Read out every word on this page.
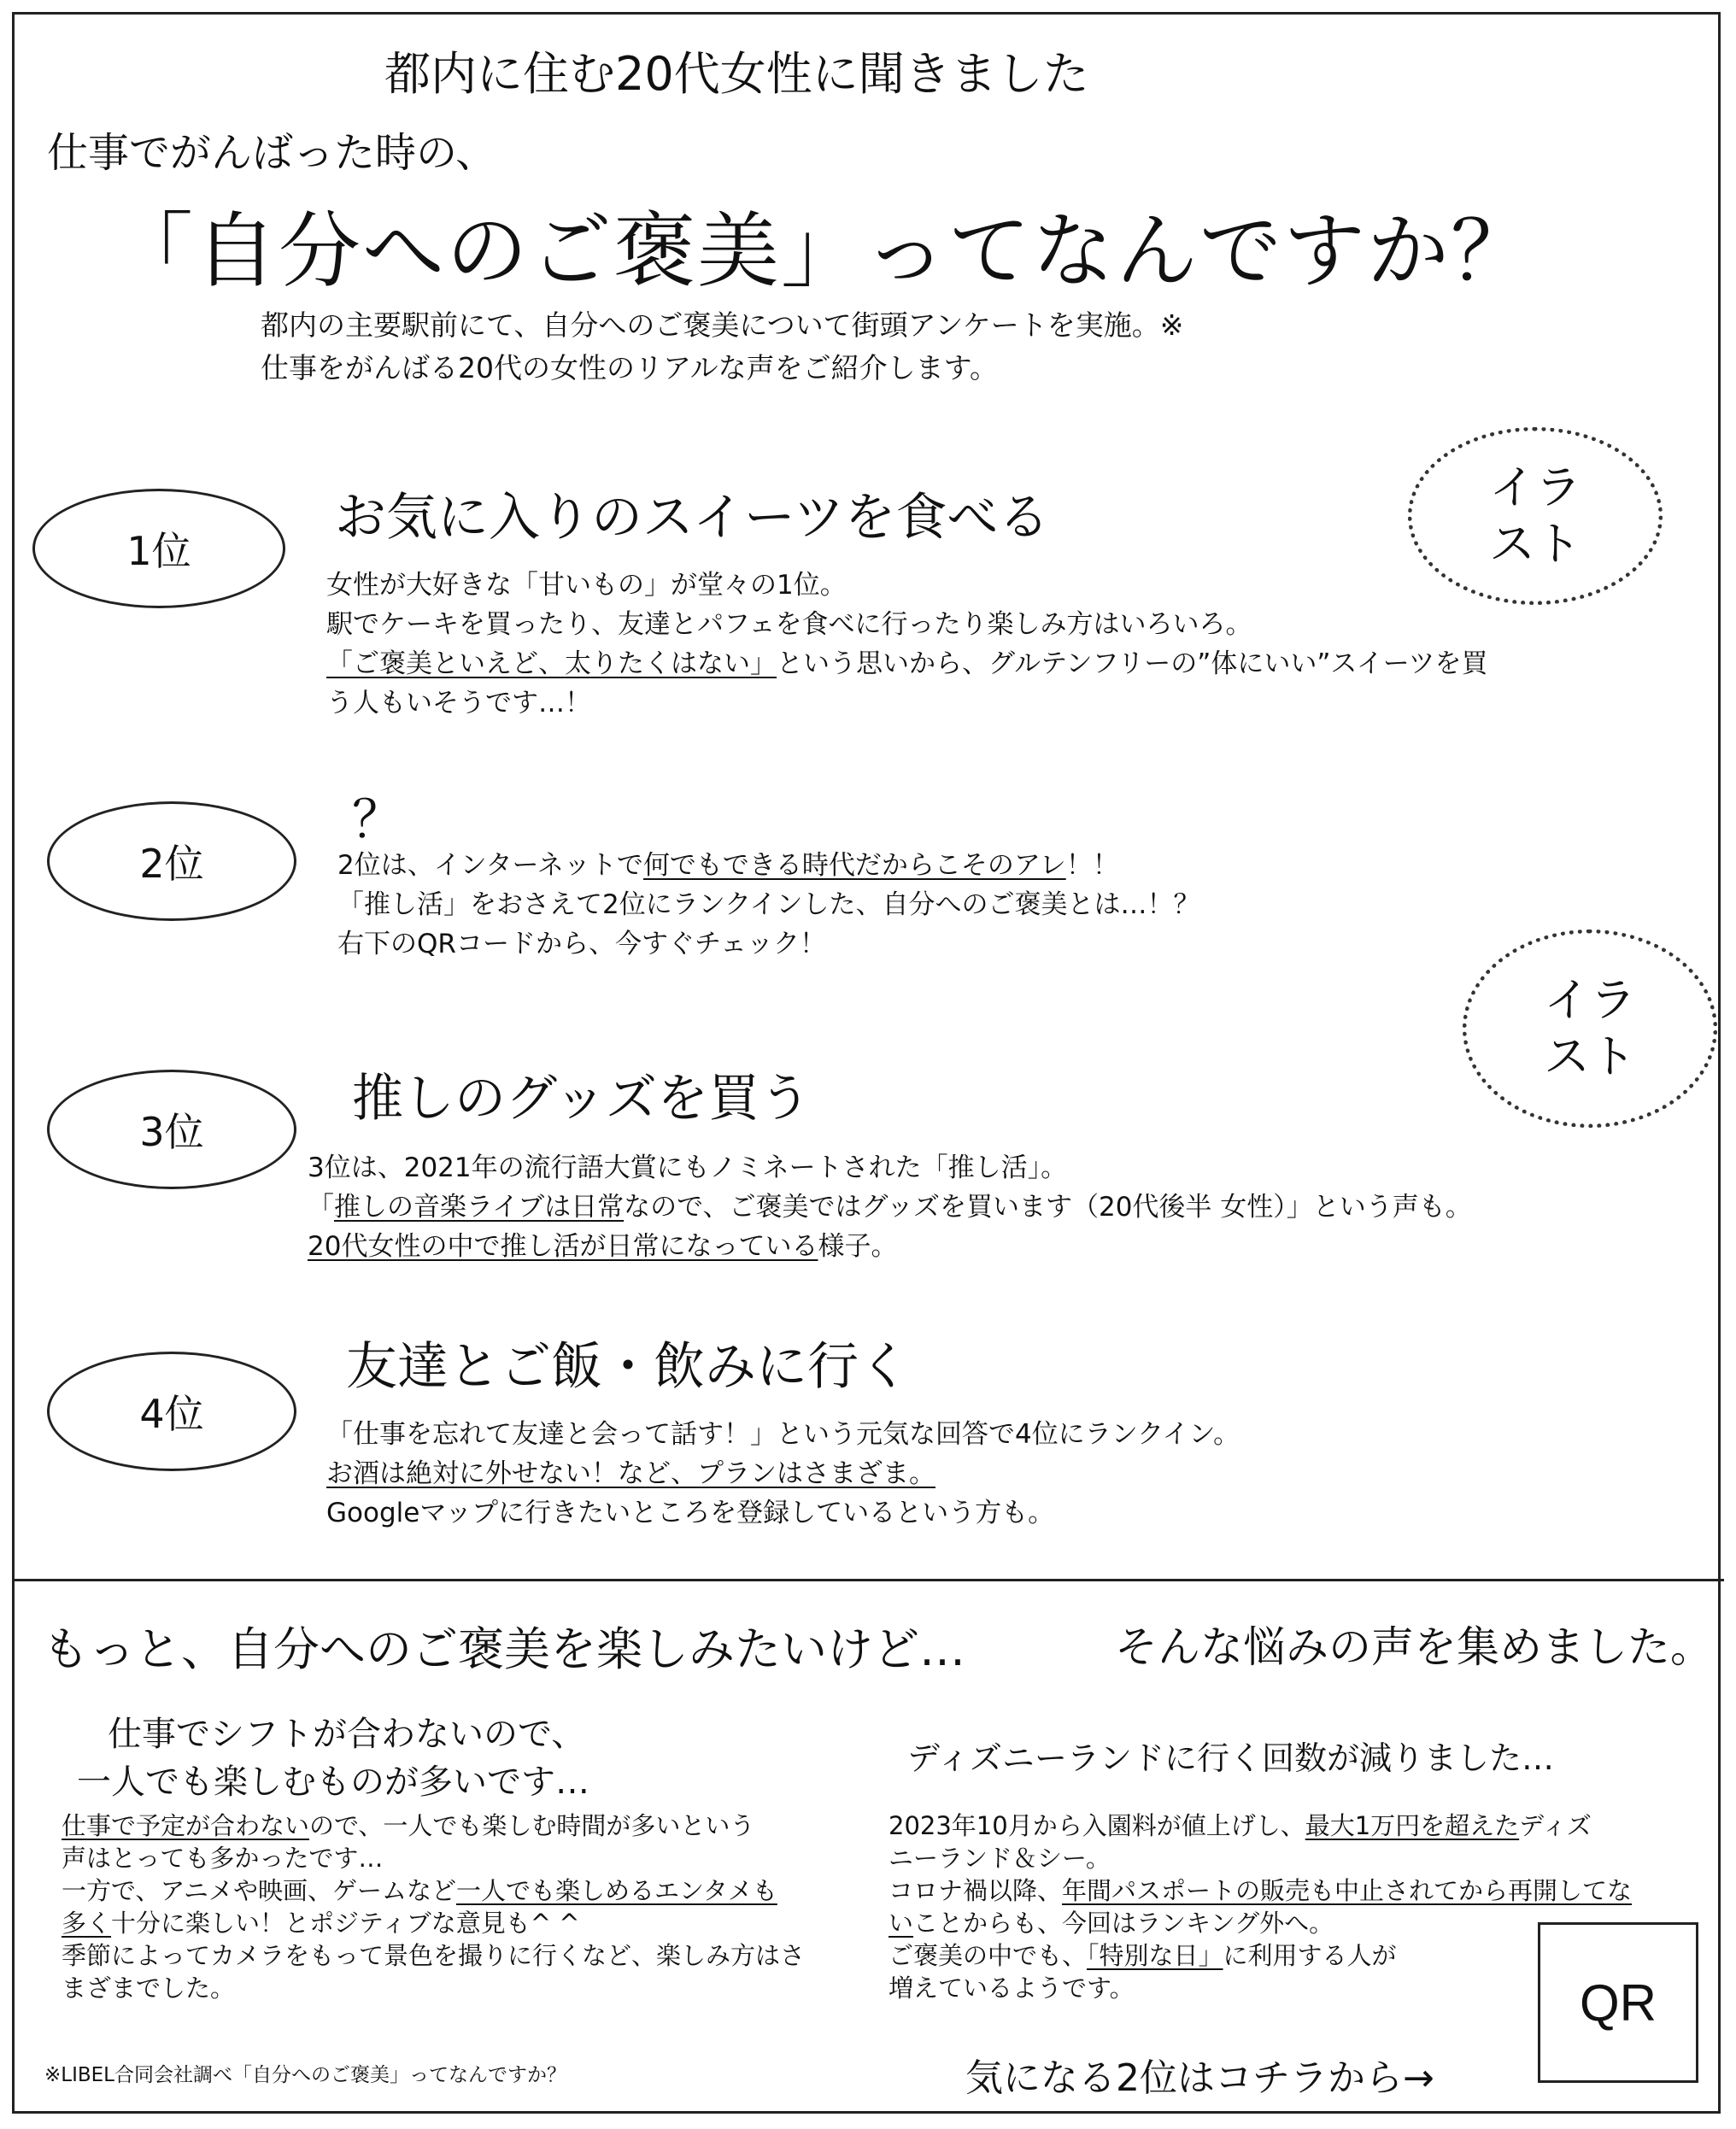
都内に住む20代女性に聞きました
仕事でがんばった時の、
「自分へのご褒美」ってなんですか？
都内の主要駅前にて、自分へのご褒美について街頭アンケートを実施。※
仕事をがんばる20代の女性のリアルな声をご紹介します。
イラ
スト
イラ
スト
1位
お気に入りのスイーツを食べる
女性が大好きな「甘いもの」が堂々の1位。
駅でケーキを買ったり、友達とパフェを食べに行ったり楽しみ方はいろいろ。
「ご褒美といえど、太りたくはない」という思いから、グルテンフリーの”体にいい”スイーツを買
う人もいそうです…！
2位
？
2位は、インターネットで何でもできる時代だからこそのアレ！！
「推し活」をおさえて2位にランクインした、自分へのご褒美とは…！？
右下のQRコードから、今すぐチェック！
3位
推しのグッズを買う
3位は、2021年の流行語大賞にもノミネートされた「推し活」。
「推しの音楽ライブは日常なので、ご褒美ではグッズを買います（20代後半 女性）」という声も。
20代女性の中で推し活が日常になっている様子。
4位
友達とご飯・飲みに行く
「仕事を忘れて友達と会って話す！」という元気な回答で4位にランクイン。
お酒は絶対に外せない！など、プランはさまざま。
Googleマップに行きたいところを登録しているという方も。
もっと、自分へのご褒美を楽しみたいけど…	そんな悩みの声を集めました。
仕事でシフトが合わないので、
一人でも楽しむものが多いです…
仕事で予定が合わないので、一人でも楽しむ時間が多いという
声はとっても多かったです…
一方で、アニメや映画、ゲームなど一人でも楽しめるエンタメも
多く十分に楽しい！とポジティブな意見も^ ^
季節によってカメラをもって景色を撮りに行くなど、楽しみ方はさ
まざまでした。
ディズニーランドに行く回数が減りました…
2023年10月から入園料が値上げし、最大1万円を超えたディズ
ニーランド＆シー。
コロナ禍以降、年間パスポートの販売も中止されてから再開してな
いことからも、今回はランキング外へ。
ご褒美の中でも、「特別な日」に利用する人が
増えているようです。	QR
気になる2位はコチラから→
※LIBEL合同会社調べ「自分へのご褒美」ってなんですか？
